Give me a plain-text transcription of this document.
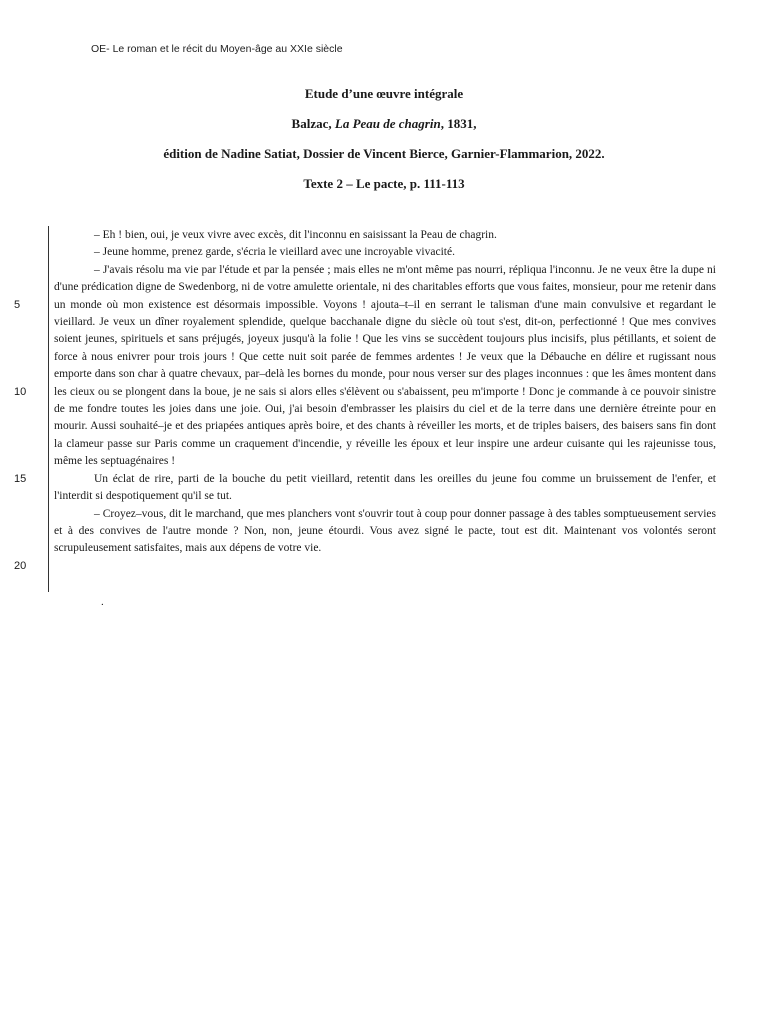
OE- Le roman et le récit du Moyen-âge au XXIe siècle
Etude d’une œuvre intégrale
Balzac, La Peau de chagrin, 1831,
édition de Nadine Satiat, Dossier de Vincent Bierce, Garnier-Flammarion, 2022.
Texte 2 – Le pacte, p. 111-113
5
10
15
20

– Eh ! bien, oui, je veux vivre avec excès, dit l'inconnu en saisissant la Peau de chagrin.

– Jeune homme, prenez garde, s'écria le vieillard avec une incroyable vivacité.

– J'avais résolu ma vie par l'étude et par la pensée ; mais elles ne m'ont même pas nourri, répliqua l'inconnu. Je ne veux être la dupe ni d'une prédication digne de Swedenborg, ni de votre amulette orientale, ni des charitables efforts que vous faites, monsieur, pour me retenir dans un monde où mon existence est désormais impossible. Voyons ! ajouta–t–il en serrant le talisman d'une main convulsive et regardant le vieillard. Je veux un dîner royalement splendide, quelque bacchanale digne du siècle où tout s'est, dit-on, perfectionné ! Que mes convives soient jeunes, spirituels et sans préjugés, joyeux jusqu'à la folie ! Que les vins se succèdent toujours plus incisifs, plus pétillants, et soient de force à nous enivrer pour trois jours ! Que cette nuit soit parée de femmes ardentes ! Je veux que la Débauche en délire et rugissant nous emporte dans son char à quatre chevaux, par–delà les bornes du monde, pour nous verser sur des plages inconnues : que les âmes montent dans les cieux ou se plongent dans la boue, je ne sais si alors elles s'élèvent ou s'abaissent, peu m'importe ! Donc je commande à ce pouvoir sinistre de me fondre toutes les joies dans une joie. Oui, j'ai besoin d'embrasser les plaisirs du ciel et de la terre dans une dernière étreinte pour en mourir. Aussi souhaité–je et des priapées antiques après boire, et des chants à réveiller les morts, et de triples baisers, des baisers sans fin dont la clameur passe sur Paris comme un craquement d'incendie, y réveille les époux et leur inspire une ardeur cuisante qui les rajeunisse tous, même les septuagénaires !

Un éclat de rire, parti de la bouche du petit vieillard, retentit dans les oreilles du jeune fou comme un bruissement de l'enfer, et l'interdit si despotiquement qu'il se tut.

– Croyez–vous, dit le marchand, que mes planchers vont s'ouvrir tout à coup pour donner passage à des tables somptueusement servies et à des convives de l'autre monde ? Non, non, jeune étourdi. Vous avez signé le pacte, tout est dit. Maintenant vos volontés seront scrupuleusement satisfaites, mais aux dépens de votre vie.

.
